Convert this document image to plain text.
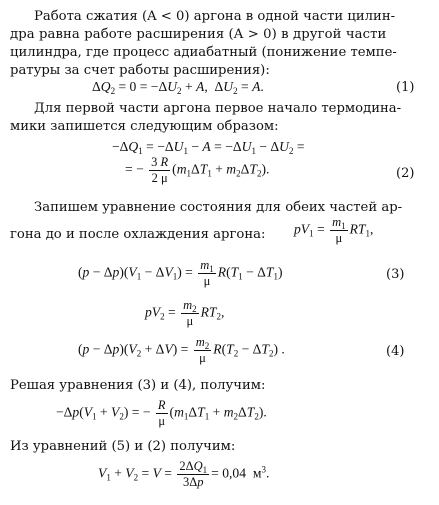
Работа сжатия (A < 0) аргона в одной части цилин-
дра равна работе расширения (A > 0) в другой части
цилиндра, где процесс адиабатный (понижение темпе-
ратуры за счет работы расширения):
$\Delta Q_2 = 0 = -\Delta U_2 + A$,  $\Delta U_2 = A$.	(1)
Для первой части аргона первое начало термодина-
мики запишется следующим образом:
$-\Delta Q_1 = -\Delta U_1 - A = -\Delta U_1 - \Delta U_2$ =
= − $\frac{3 R}{2 \mu} (m_1\Delta T_1 + m_2\Delta T_2)$.	(2)
Запишем уравнение состояния для обеих частей ар-
гона до и после охлаждения аргона: $pV_1 = \frac{m_1}{\mu} RT_1$,
$(p - \Delta p)(V_1 - \Delta V_1) = \frac{m_1}{\mu} R(T_1 - \Delta T_1)$	(3)
$pV_2 = \frac{m_2}{\mu} RT_2$,
$(p - \Delta p)(V_2 + \Delta V) = \frac{m_2}{\mu} R(T_2 - \Delta T_2)$ .	(4)
Решая уравнения (3) и (4), получим:
$-\Delta p(V_1 + V_2)$ = − $\frac{R}{\mu} (m_1\Delta T_1 + m_2\Delta T_2)$.
Из уравнений (5) и (2) получим:
$V_1 + V_2 = V = \frac{2\Delta Q_1}{3\Delta p} = 0,04$  $м^3$.
